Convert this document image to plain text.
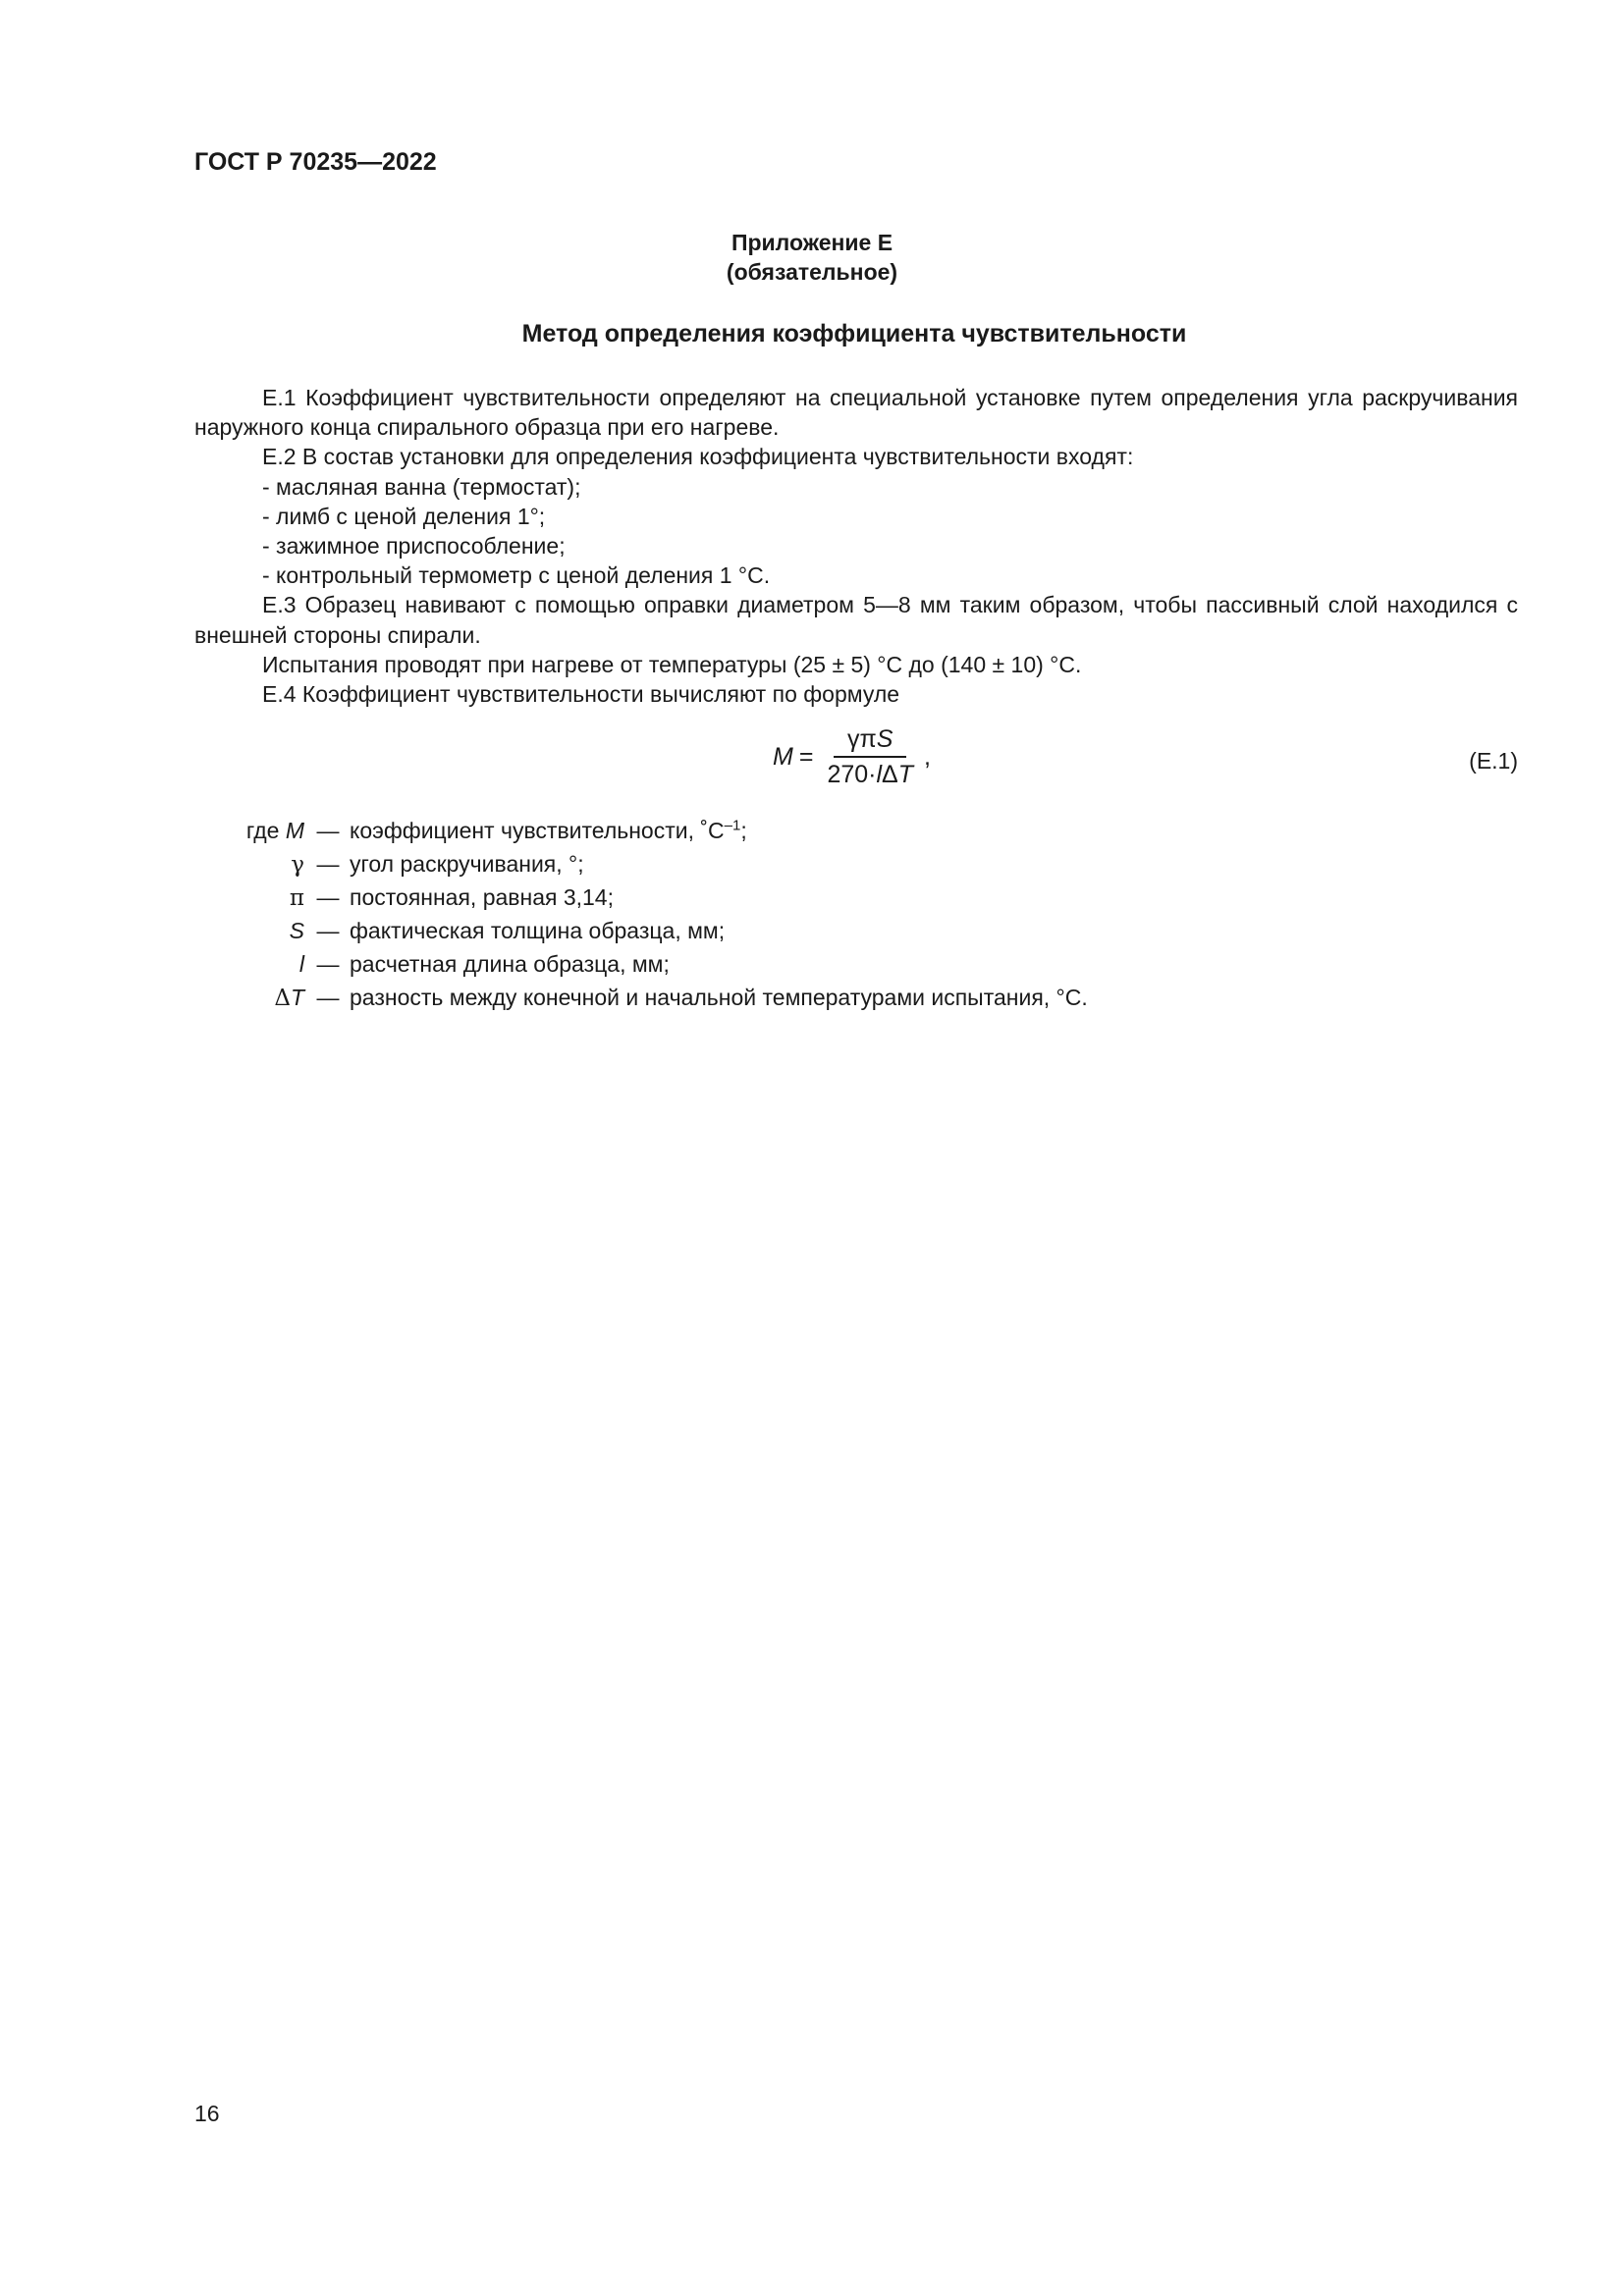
ГОСТ Р 70235—2022
Приложение Е
(обязательное)
Метод определения коэффициента чувствительности

Е.1 Коэффициент чувствительности определяют на специальной установке путем определения угла раскручивания наружного конца спирального образца при его нагреве.

Е.2 В состав установки для определения коэффициента чувствительности входят:

- масляная ванна (термостат);

- лимб с ценой деления 1°;

- зажимное приспособление;

- контрольный термометр с ценой деления 1 °С.

Е.3 Образец навивают с помощью оправки диаметром 5—8 мм таким образом, чтобы пассивный слой находился с внешней стороны спирали.

Испытания проводят при нагреве от температуры (25 ± 5) °С до (140 ± 10) °С.

Е.4 Коэффициент чувствительности вычисляют по формуле

$M = \frac{\text{γπS}}{\text{270·lΔT}}$ ,	(Е.1)
где M — коэффициент чувствительности, $˚С^{-1}$;
γ — угол раскручивания, °;
π — постоянная, равная 3,14;
S — фактическая толщина образца, мм;
l — расчетная длина образца, мм;
ΔT — разность между конечной и начальной температурами испытания, °С.
16
